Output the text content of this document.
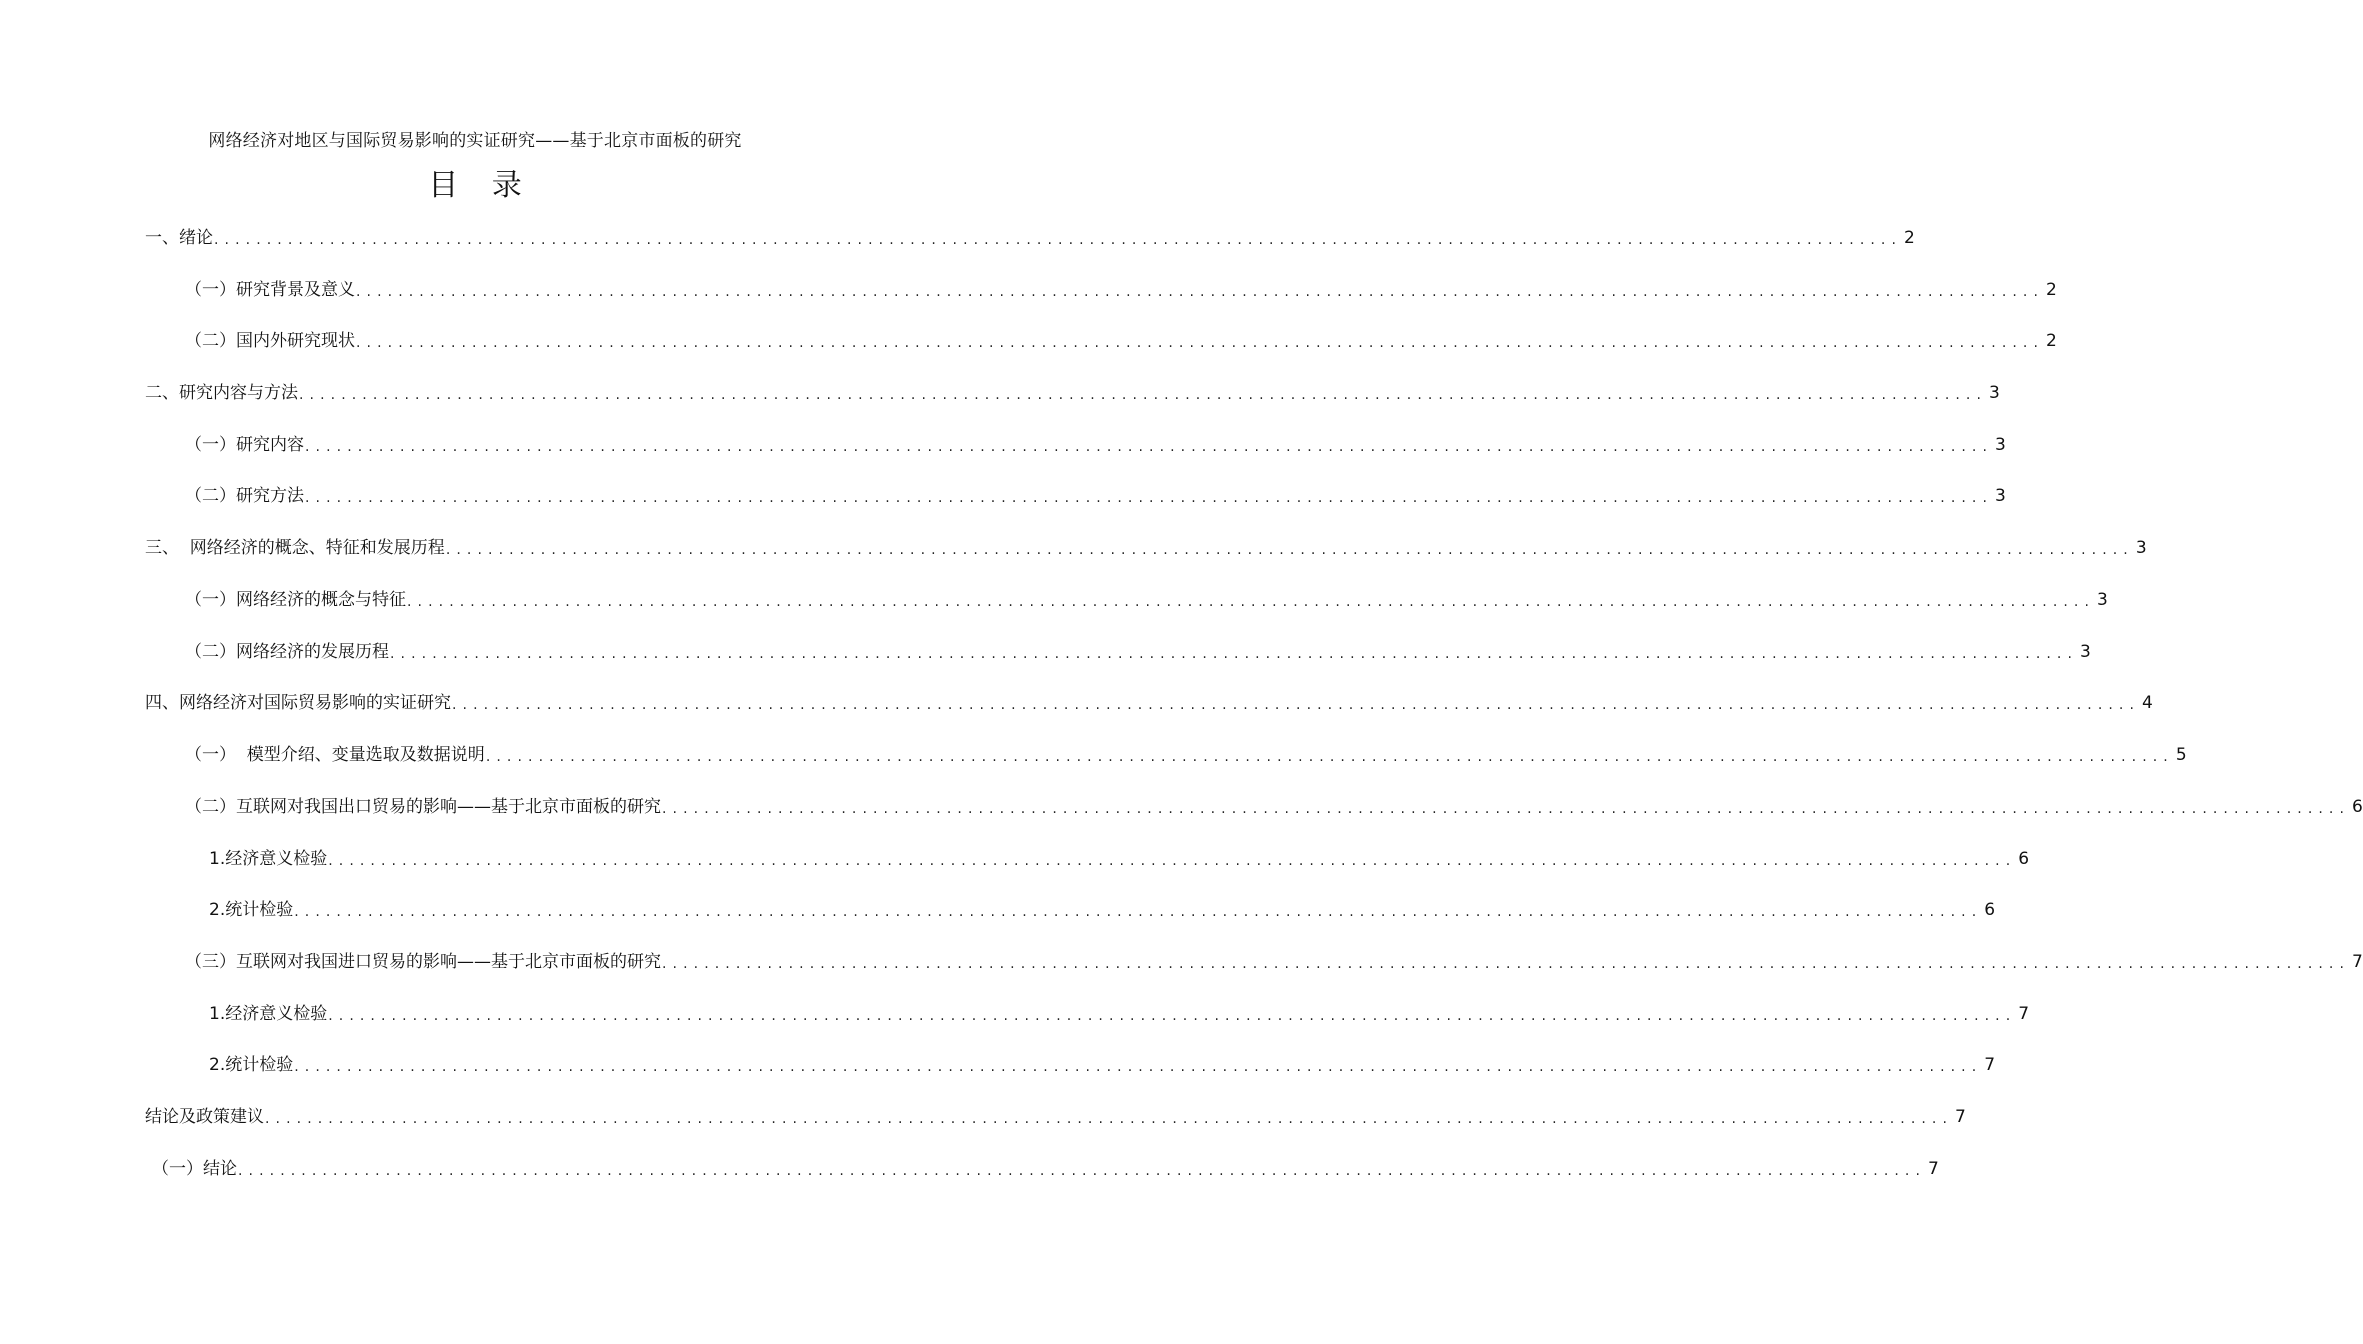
网络经济对地区与国际贸易影响的实证研究——基于北京市面板的研究
目 录
一、绪论 ................................................................................................................................................................ 2
（一）研究背景及意义 ................................................................................................................................................................ 2
（二）国内外研究现状 ................................................................................................................................................................ 2
二、研究内容与方法 ................................................................................................................................................................ 3
（一）研究内容 ................................................................................................................................................................ 3
（二）研究方法 ................................................................................................................................................................ 3
三、  网络经济的概念、特征和发展历程 ................................................................................................................................................................ 3
（一）网络经济的概念与特征 ................................................................................................................................................................ 3
（二）网络经济的发展历程 ................................................................................................................................................................ 3
四、网络经济对国际贸易影响的实证研究 ................................................................................................................................................................ 4
（一）  模型介绍、变量选取及数据说明 ................................................................................................................................................................ 5
（二）互联网对我国出口贸易的影响——基于北京市面板的研究 ................................................................................................................................................................ 6
1.经济意义检验 ................................................................................................................................................................ 6
2.统计检验 ................................................................................................................................................................ 6
（三）互联网对我国进口贸易的影响——基于北京市面板的研究 ................................................................................................................................................................ 7
1.经济意义检验 ................................................................................................................................................................ 7
2.统计检验 ................................................................................................................................................................ 7
结论及政策建议 ................................................................................................................................................................ 7
（一）结论 ................................................................................................................................................................ 7
